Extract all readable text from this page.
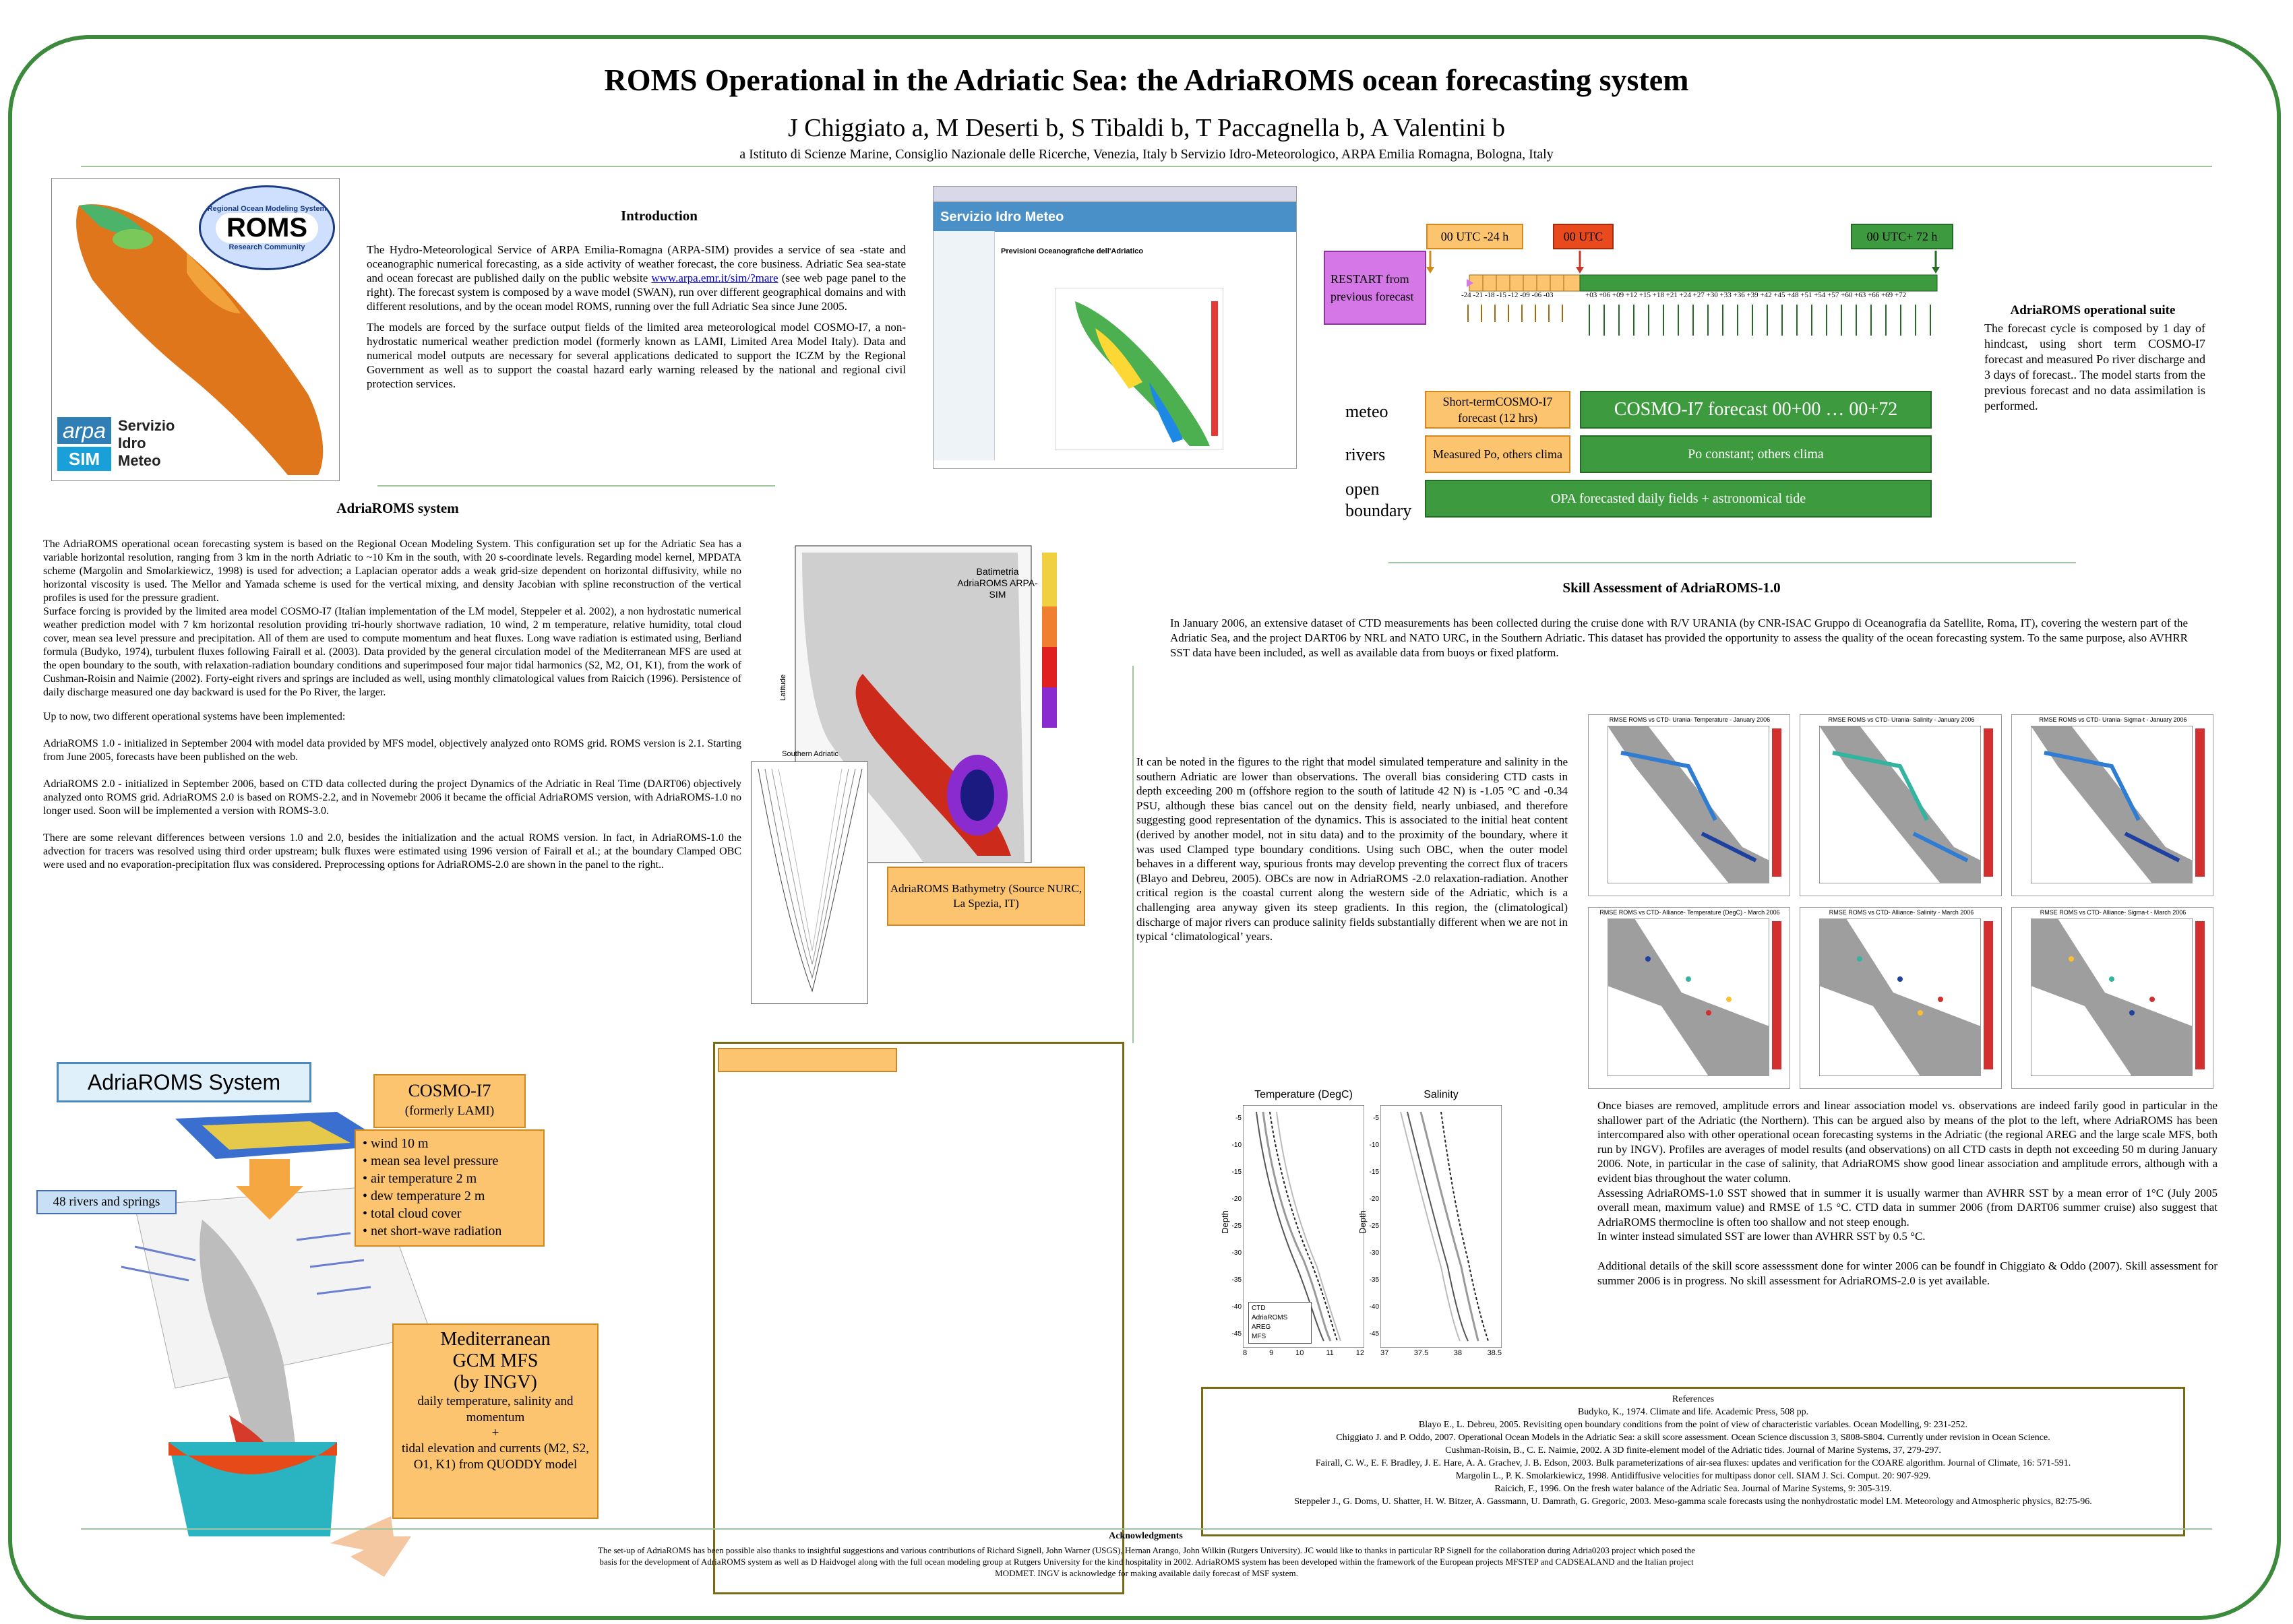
ROMS Operational in the Adriatic Sea: the AdriaROMS ocean forecasting system
J Chiggiato a, M Deserti b, S Tibaldi b, T Paccagnella b, A Valentini b
a Istituto di Scienze Marine, Consiglio Nazionale delle Ricerche, Venezia, Italy b Servizio Idro-Meteorologico, ARPA Emilia Romagna, Bologna, Italy
Regional Ocean Modeling System
ROMS
Research Community
arpa
SIM
Servizio
Idro
Meteo
Introduction

The Hydro-Meteorological Service of ARPA Emilia-Romagna (ARPA-SIM) provides a service of sea -state and oceanographic numerical forecasting, as a side activity of weather forecast, the core business. Adriatic Sea sea-state and ocean forecast are published daily on the public website www.arpa.emr.it/sim/?mare (see web page panel to the right). The forecast system is composed by a wave model (SWAN), run over different geographical domains and with different resolutions, and by the ocean model ROMS, running over the full Adriatic Sea since June 2005.

The models are forced by the surface output fields of the limited area meteorological model COSMO-I7, a non-hydrostatic numerical weather prediction model (formerly known as LAMI, Limited Area Model Italy). Data and numerical model outputs are necessary for several applications dedicated to support the ICZM by the Regional Government as well as to support the coastal hazard early warning released by the national and regional civil protection services.

Servizio Idro Meteo
Previsioni Oceanografiche dell'Adriatico
00 UTC -24 h	00 UTC	00 UTC+ 72 h
RESTART from previous forecast	-24 -21 -18 -15 -12 -09 -06 -03	+03 +06 +09 +12 +15 +18 +21 +24 +27 +30 +33 +36 +39 +42 +45 +48 +51 +54 +57 +60 +63 +66 +69 +72
meteo
rivers
open boundary
Short-termCOSMO-I7 forecast (12 hrs)	COSMO-I7 forecast 00+00 … 00+72
Measured Po, others clima	Po constant; others clima
OPA forecasted daily fields + astronomical tide
AdriaROMS operational suite
The forecast cycle is composed by 1 day of hindcast, using short term COSMO-I7 forecast and measured Po river discharge and 3 days of forecast.. The model starts from the previous forecast and no data assimilation is performed.
AdriaROMS system

The AdriaROMS operational ocean forecasting system is based on the Regional Ocean Modeling System. This configuration set up for the Adriatic Sea has a variable horizontal resolution, ranging from 3 km in the north Adriatic to ~10 Km in the south, with 20 s-coordinate levels. Regarding model kernel, MPDATA scheme (Margolin and Smolarkiewicz, 1998) is used for advection; a Laplacian operator adds a weak grid-size dependent on horizontal diffusivity, while no horizontal viscosity is used. The Mellor and Yamada scheme is used for the vertical mixing, and density Jacobian with spline reconstruction of the vertical profiles is used for the pressure gradient.

Surface forcing is provided by the limited area model COSMO-I7 (Italian implementation of the LM model, Steppeler et al. 2002), a non hydrostatic numerical weather prediction model with 7 km horizontal resolution providing tri-hourly shortwave radiation, 10 wind, 2 m temperature, relative humidity, total cloud cover, mean sea level pressure and precipitation. All of them are used to compute momentum and heat fluxes. Long wave radiation is estimated using, Berliand formula (Budyko, 1974), turbulent fluxes following Fairall et al. (2003). Data provided by the general circulation model of the Mediterranean MFS are used at the open boundary to the south, with relaxation-radiation boundary conditions and superimposed four major tidal harmonics (S2, M2, O1, K1), from the work of Cushman-Roisin and Naimie (2002). Forty-eight rivers and springs are included as well, using monthly climatological values from Raicich (1996). Persistence of daily discharge measured one day backward is used for the Po River, the larger.

Up to now, two different operational systems have been implemented:

AdriaROMS 1.0 - initialized in September 2004 with model data provided by MFS model, objectively analyzed onto ROMS grid. ROMS version is 2.1. Starting from June 2005, forecasts have been published on the web.

AdriaROMS 2.0 - initialized in September 2006, based on CTD data collected during the project Dynamics of the Adriatic in Real Time (DART06) objectively analyzed onto ROMS grid. AdriaROMS 2.0 is based on ROMS-2.2, and in Novemebr 2006 it became the official AdriaROMS version, with AdriaROMS-1.0 no longer used. Soon will be implemented a version with ROMS-3.0.

There are some relevant differences between versions 1.0 and 2.0, besides the initialization and the actual ROMS version. In fact, in AdriaROMS-1.0 the advection for tracers was resolved using third order upstream; bulk fluxes were estimated using 1996 version of Fairall et al.; at the boundary Clamped OBC were used and no evaporation-precipitation flux was considered. Preprocessing options for AdriaROMS-2.0 are shown in the panel to the right..

Batimetria AdriaROMS ARPA-SIM
Latitude
Southern Adriatic
AdriaROMS Bathymetry (Source NURC, La Spezia, IT)
AdriaROMS System	COSMO-I7
(formerly LAMI)
• wind 10 m
• mean sea level pressure
• air temperature 2 m
• dew temperature 2 m
• total cloud cover
• net short-wave radiation
48 rivers and springs
Mediterranean
GCM MFS
(by INGV)
daily temperature, salinity and momentum
+
tidal elevation and currents (M2, S2, O1, K1) from QUODDY model
Skill Assessment of AdriaROMS-1.0
In January 2006, an extensive dataset of CTD measurements has been collected during the cruise done with R/V URANIA (by CNR-ISAC Gruppo di Oceanografia da Satellite, Roma, IT), covering the western part of the Adriatic Sea, and the project DART06 by NRL and NATO URC, in the Southern Adriatic. This dataset has provided the opportunity to assess the quality of the ocean forecasting system. To the same purpose, also AVHRR SST data have been included, as well as available data from buoys or fixed platform.
It can be noted in the figures to the right that model simulated temperature and salinity in the southern Adriatic are lower than observations. The overall bias considering CTD casts in depth exceeding 200 m (offshore region to the south of latitude 42 N) is -1.05 °C and -0.34 PSU, although these bias cancel out on the density field, nearly unbiased, and therefore suggesting good representation of the dynamics. This is associated to the initial heat content (derived by another model, not in situ data) and to the proximity of the boundary, where it was used Clamped type boundary conditions. Using such OBC, when the outer model behaves in a different way, spurious fronts may develop preventing the correct flux of tracers (Blayo and Debreu, 2005). OBCs are now in AdriaROMS -2.0 relaxation-radiation. Another critical region is the coastal current along the western side of the Adriatic, which is a challenging area anyway given its steep gradients. In this region, the (climatological) discharge of major rivers can produce salinity fields substantially different when we are not in typical ‘climatological’ years.
RMSE ROMS vs CTD- Urania- Temperature - January 2006	RMSE ROMS vs CTD- Urania- Salinity - January 2006	RMSE ROMS vs CTD- Urania- Sigma-t - January 2006
RMSE ROMS vs CTD- Alliance- Temperature (DegC) - March 2006	RMSE ROMS vs CTD- Alliance- Salinity - March 2006	RMSE ROMS vs CTD- Alliance- Sigma-t - March 2006
Temperature (DegC)	Salinity
Depth	Depth
-5
-10
-15
-20
-25
-30
-35
-40
-45
-5
-10
-15
-20
-25
-30
-35
-40
-45
8	9	10	11	12 37	37.5	38	38.5
CTD
AdriaROMS
AREG
MFS

Once biases are removed, amplitude errors and linear association model vs. observations are indeed farily good in particular in the shallower part of the Adriatic (the Northern). This can be argued also by means of the plot to the left, where AdriaROMS has been intercompared also with other operational ocean forecasting systems in the Adriatic (the regional AREG and the large scale MFS, both run by INGV). Profiles are averages of model results (and observations) on all CTD casts in depth not exceeding 50 m during January 2006. Note, in particular in the case of salinity, that AdriaROMS show good linear association and amplitude errors, although with a evident bias throughout the water column.

Assessing AdriaROMS-1.0 SST showed that in summer it is usually warmer than AVHRR SST by a mean error of 1°C (July 2005 overall mean, maximum value) and RMSE of 1.5 °C. CTD data in summer 2006 (from DART06 summer cruise) also suggest that AdriaROMS thermocline is often too shallow and not steep enough.

In winter instead simulated SST are lower than AVHRR SST by 0.5 °C.

Additional details of the skill score assesssment done for winter 2006 can be foundf in Chiggiato & Oddo (2007). Skill assessment for summer 2006 is in progress. No skill assessment for AdriaROMS-2.0 is yet available.

References
Budyko, K., 1974. Climate and life. Academic Press, 508 pp.
Blayo E., L. Debreu, 2005. Revisiting open boundary conditions from the point of view of characteristic variables. Ocean Modelling, 9: 231-252.
Chiggiato J. and P. Oddo, 2007. Operational Ocean Models in the Adriatic Sea: a skill score assessment. Ocean Science discussion 3, S808-S804. Currently under revision in Ocean Science.
Cushman-Roisin, B., C. E. Naimie, 2002. A 3D finite-element model of the Adriatic tides. Journal of Marine Systems, 37, 279-297.
Fairall, C. W., E. F. Bradley, J. E. Hare, A. A. Grachev, J. B. Edson, 2003. Bulk parameterizations of air-sea fluxes: updates and verification for the COARE algorithm. Journal of Climate, 16: 571-591.
Margolin L., P. K. Smolarkiewicz, 1998. Antidiffusive velocities for multipass donor cell. SIAM J. Sci. Comput. 20: 907-929.
Raicich, F., 1996. On the fresh water balance of the Adriatic Sea. Journal of Marine Systems, 9: 305-319.
Steppeler J., G. Doms, U. Shatter, H. W. Bitzer, A. Gassmann, U. Damrath, G. Gregoric, 2003. Meso-gamma scale forecasts using the nonhydrostatic model LM. Meteorology and Atmospheric physics, 82:75-96.
Acknowledgments
The set-up of AdriaROMS has been possible also thanks to insightful suggestions and various contributions of Richard Signell, John Warner (USGS), Hernan Arango, John Wilkin (Rutgers University). JC would like to thanks in particular RP Signell for the collaboration during Adria0203 project which posed the basis for the development of AdriaROMS system as well as D Haidvogel along with the full ocean modeling group at Rutgers University for the kind hospitality in 2002. AdriaROMS system has been developed within the framework of the European projects MFSTEP and CADSEALAND and the Italian project MODMET. INGV is acknowledge for making available daily forecast of MSF system.
